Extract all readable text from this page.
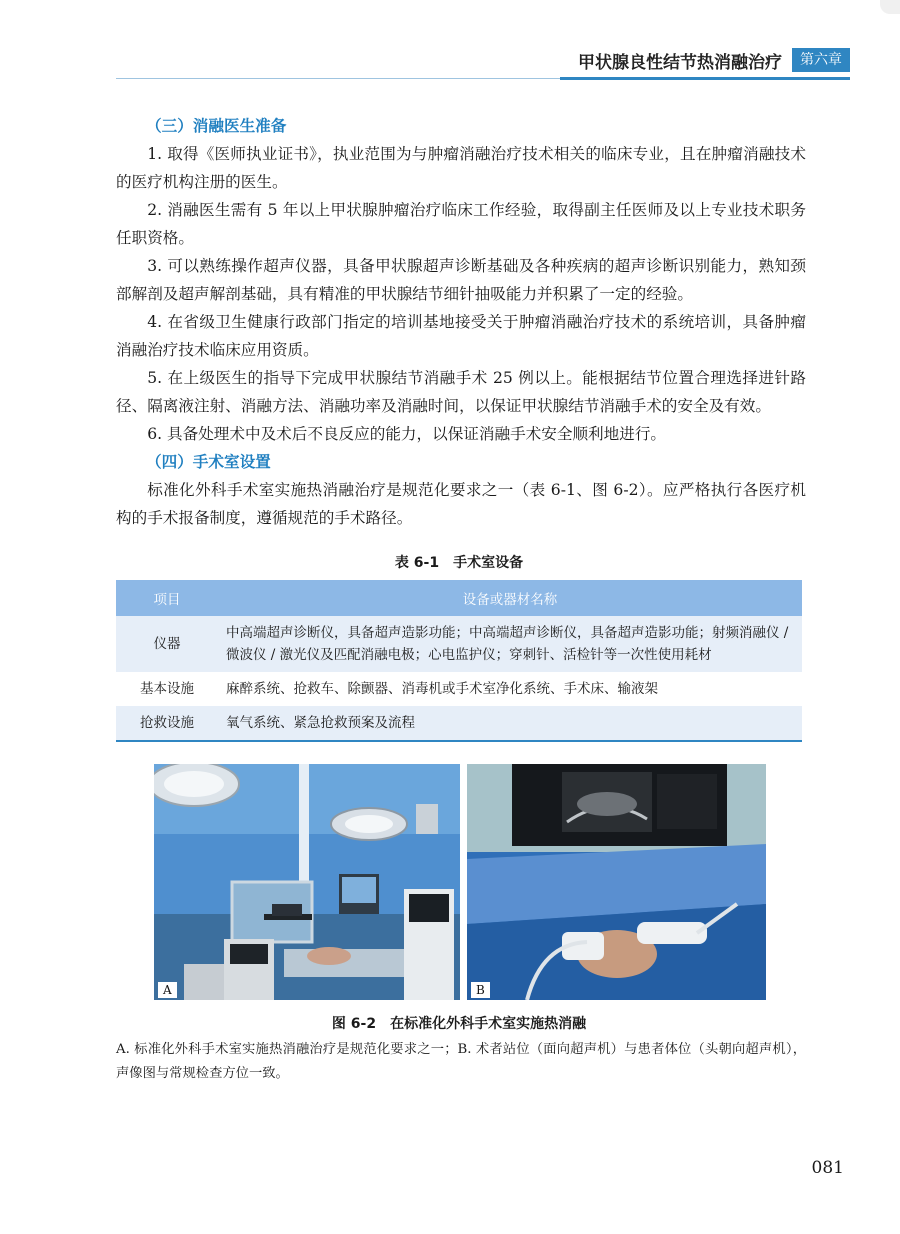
甲状腺良性结节热消融治疗	第六章

（三）消融医生准备

1. 取得《医师执业证书》，执业范围为与肿瘤消融治疗技术相关的临床专业，且在肿瘤消融技术的医疗机构注册的医生。

2. 消融医生需有 5 年以上甲状腺肿瘤治疗临床工作经验，取得副主任医师及以上专业技术职务任职资格。

3. 可以熟练操作超声仪器，具备甲状腺超声诊断基础及各种疾病的超声诊断识别能力，熟知颈部解剖及超声解剖基础，具有精准的甲状腺结节细针抽吸能力并积累了一定的经验。

4. 在省级卫生健康行政部门指定的培训基地接受关于肿瘤消融治疗技术的系统培训，具备肿瘤消融治疗技术临床应用资质。

5. 在上级医生的指导下完成甲状腺结节消融手术 25 例以上。能根据结节位置合理选择进针路径、隔离液注射、消融方法、消融功率及消融时间，以保证甲状腺结节消融手术的安全及有效。

6. 具备处理术中及术后不良反应的能力，以保证消融手术安全顺利地进行。

（四）手术室设置

标准化外科手术室实施热消融治疗是规范化要求之一（表 6-1、图 6-2）。应严格执行各医疗机构的手术报备制度，遵循规范的手术路径。

表 6-1　手术室设备
项目	设备或器材名称
仪器	中高端超声诊断仪，具备超声造影功能；中高端超声诊断仪，具备超声造影功能；射频消融仪 / 微波仪 / 激光仪及匹配消融电极；心电监护仪；穿刺针、活检针等一次性使用耗材
基本设施	麻醉系统、抢救车、除颤器、消毒机或手术室净化系统、手术床、输液架
抢救设施	氧气系统、紧急抢救预案及流程
A	B
图 6-2　在标准化外科手术室实施热消融
A. 标准化外科手术室实施热消融治疗是规范化要求之一；B. 术者站位（面向超声机）与患者体位（头朝向超声机），声像图与常规检查方位一致。
081
